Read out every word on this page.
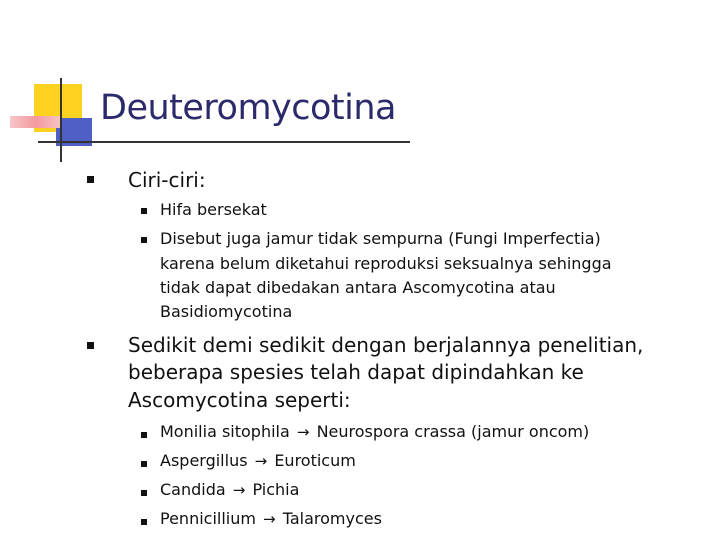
Deuteromycotina
Ciri-ciri:
Hifa bersekat
Disebut juga jamur tidak sempurna (Fungi Imperfectia)
karena belum diketahui reproduksi seksualnya sehingga
tidak dapat dibedakan antara Ascomycotina atau
Basidiomycotina
Sedikit demi sedikit dengan berjalannya penelitian,
beberapa spesies telah dapat dipindahkan ke
Ascomycotina seperti:
Monilia sitophila → Neurospora crassa (jamur oncom)
Aspergillus → Euroticum
Candida → Pichia
Pennicillium → Talaromyces
